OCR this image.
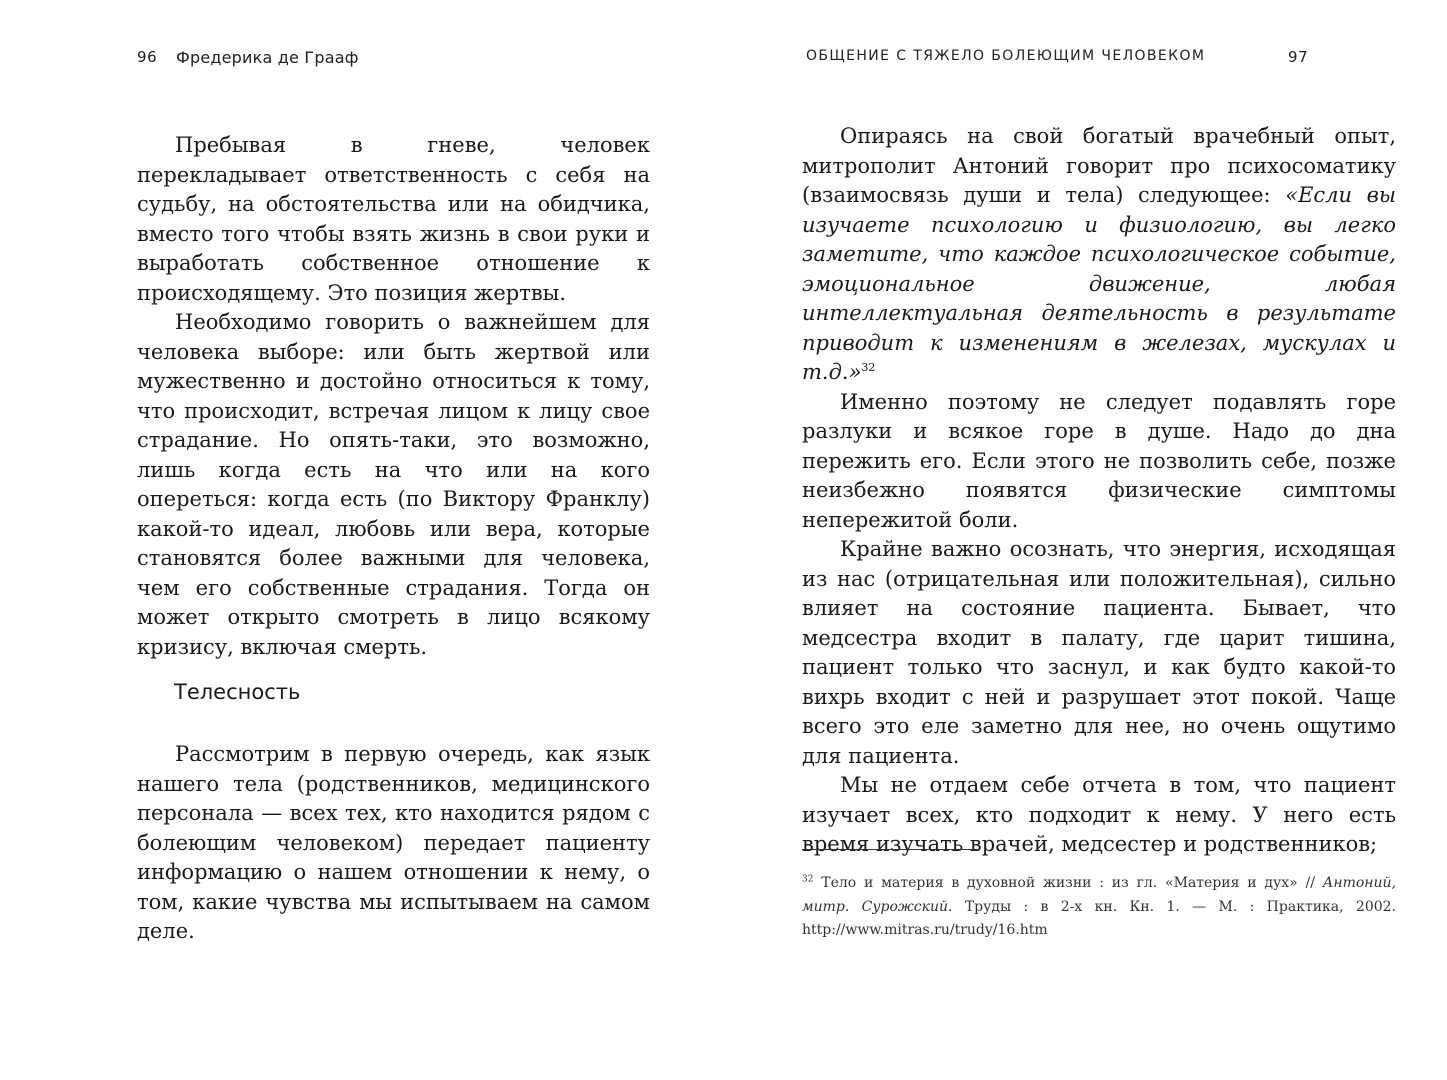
96 Фредерика де Грааф

Пребывая в гневе, человек перекладывает ответственность с себя на судьбу, на обстоятельства или на обидчика, вместо того чтобы взять жизнь в свои руки и выработать собственное отношение к происходящему. Это позиция жертвы.

Необходимо говорить о важнейшем для человека выборе: или быть жертвой или мужественно и достойно относиться к тому, что происходит, встречая лицом к лицу свое страдание. Но опять-таки, это возможно, лишь когда есть на что или на кого опереться: когда есть (по Виктору Франклу) какой-то идеал, любовь или вера, которые становятся более важными для человека, чем его собственные страдания. Тогда он может открыто смотреть в лицо всякому кризису, включая смерть.

Телесность

Рассмотрим в первую очередь, как язык нашего тела (родственников, медицинского персонала — всех тех, кто находится рядом с болеющим человеком) передает пациенту информацию о нашем отношении к нему, о том, какие чувства мы испытываем на самом деле.

ОБЩЕНИЕ С ТЯЖЕЛО БОЛЕЮЩИМ ЧЕЛОВЕКОМ	97

Опираясь на свой богатый врачебный опыт, митрополит Антоний говорит про психосоматику (взаимосвязь души и тела) следующее: «Если вы изучаете психологию и физиологию, вы легко заметите, что каждое психологическое событие, эмоциональное движение, любая интеллектуальная деятельность в результате приводит к изменениям в железах, мускулах и т.д.»$^{32}$

Именно поэтому не следует подавлять горе разлуки и всякое горе в душе. Надо до дна пережить его. Если этого не позволить себе, позже неизбежно появятся физические симптомы непережитой боли.

Крайне важно осознать, что энергия, исходящая из нас (отрицательная или положительная), сильно влияет на состояние пациента. Бывает, что медсестра входит в палату, где царит тишина, пациент только что заснул, и как будто какой-то вихрь входит с ней и разрушает этот покой. Чаще всего это еле заметно для нее, но очень ощутимо для пациента.

Мы не отдаем себе отчета в том, что пациент изучает всех, кто подходит к нему. У него есть время изучать врачей, медсестер и родственников;

$^{32}$ Тело и материя в духовной жизни : из гл. «Материя и дух» // Антоний, митр. Сурожский. Труды : в 2-х кн. Кн. 1. — М. : Практика, 2002. http://www.mitras.ru/trudy/16.htm
